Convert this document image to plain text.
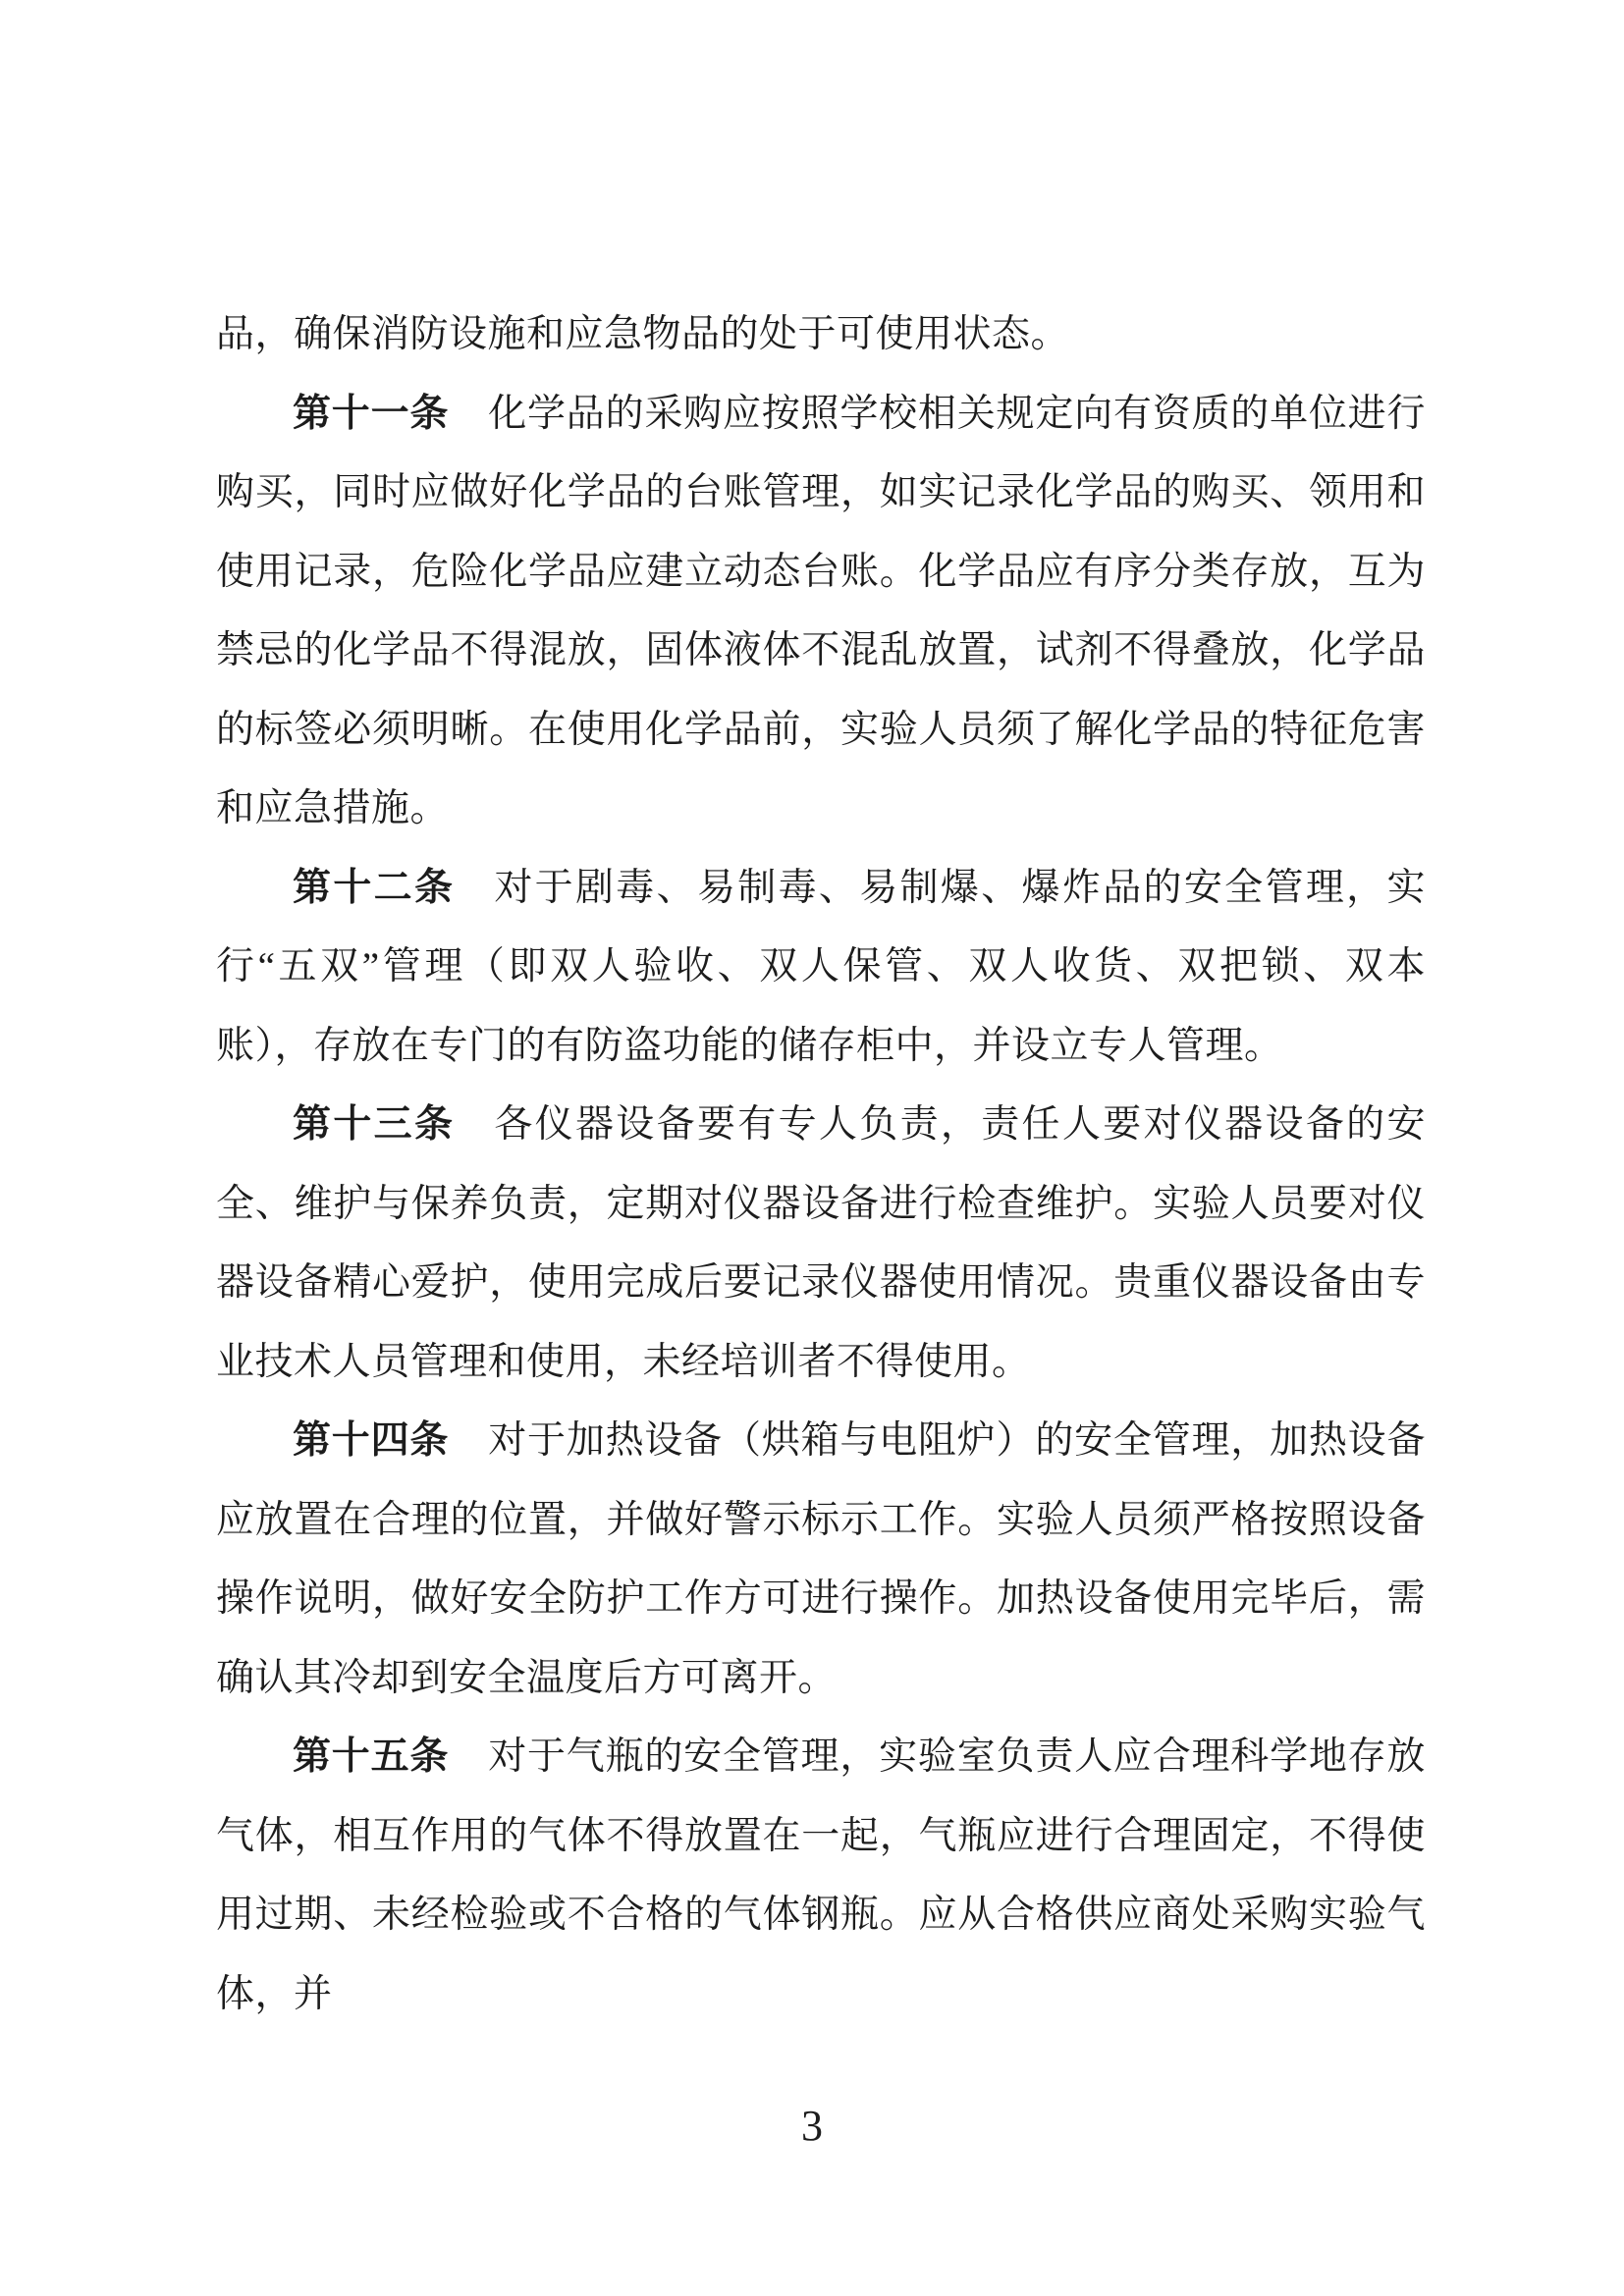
品，确保消防设施和应急物品的处于可使用状态。

第十一条 化学品的采购应按照学校相关规定向有资质的单位进行购买，同时应做好化学品的台账管理，如实记录化学品的购买、领用和使用记录，危险化学品应建立动态台账。化学品应有序分类存放，互为禁忌的化学品不得混放，固体液体不混乱放置，试剂不得叠放，化学品的标签必须明晰。在使用化学品前，实验人员须了解化学品的特征危害和应急措施。

第十二条 对于剧毒、易制毒、易制爆、爆炸品的安全管理，实行“五双”管理（即双人验收、双人保管、双人收货、双把锁、双本账），存放在专门的有防盗功能的储存柜中，并设立专人管理。

第十三条 各仪器设备要有专人负责，责任人要对仪器设备的安全、维护与保养负责，定期对仪器设备进行检查维护。实验人员要对仪器设备精心爱护，使用完成后要记录仪器使用情况。贵重仪器设备由专业技术人员管理和使用，未经培训者不得使用。

第十四条 对于加热设备（烘箱与电阻炉）的安全管理，加热设备应放置在合理的位置，并做好警示标示工作。实验人员须严格按照设备操作说明，做好安全防护工作方可进行操作。加热设备使用完毕后，需确认其冷却到安全温度后方可离开。

第十五条 对于气瓶的安全管理，实验室负责人应合理科学地存放气体，相互作用的气体不得放置在一起，气瓶应进行合理固定，不得使用过期、未经检验或不合格的气体钢瓶。应从合格供应商处采购实验气体，并

3
